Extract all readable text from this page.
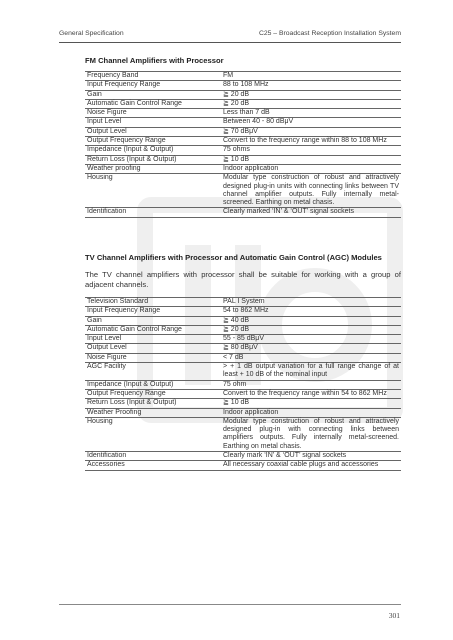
General Specification	C25 – Broadcast Reception Installation System
FM Channel Amplifiers with Processor
Frequency Band	FM
Input Frequency Range	88 to 108 MHz
Gain	≧ 20 dB
Automatic Gain Control Range	≧ 20 dB
Noise Figure	Less than 7 dB
Input Level	Between 40 - 80 dBμV
Output Level	≧ 70 dBμV
Output Frequency Range	Convert to the frequency range within 88 to 108 MHz
Impedance (Input & Output)	75 ohms
Return Loss (Input & Output)	≧ 10 dB
Weather proofing	Indoor application
Housing	Modular type construction of robust and attractively designed plug-in units with connecting links between TV channel amplifier outputs. Fully internally metal-screened. Earthing on metal chasis.
Identification	Clearly marked ‘IN’ & ‘OUT’ signal sockets
TV Channel Amplifiers with Processor and Automatic Gain Control (AGC) Modules
The TV channel amplifiers with processor shall be suitable for working with a group of adjacent channels.
Television Standard	PAL I System
Input Frequency Range	54 to 862 MHz
Gain	≧ 40 dB
Automatic Gain Control Range	≧ 20 dB
Input Level	55 - 85 dBμV
Output Level	≧ 80 dBμV
Noise Figure	< 7 dB
AGC Facility	> + 1 dB output variation for a full range change of at least + 10 dB of the nominal input
Impedance (Input & Output)	75 ohm
Output Frequency Range	Convert to the frequency range within 54 to 862 MHz
Return Loss (Input & Output)	≧ 10 dB
Weather Proofing	Indoor application
Housing	Modular type construction of robust and attractively designed plug-in with connecting links between amplifiers outputs. Fully internally metal-screened. Earthing on metal chasis.
Identification	Clearly mark ‘IN’ & ‘OUT’ signal sockets
Accessories	All necessary coaxial cable plugs and accessories
301
